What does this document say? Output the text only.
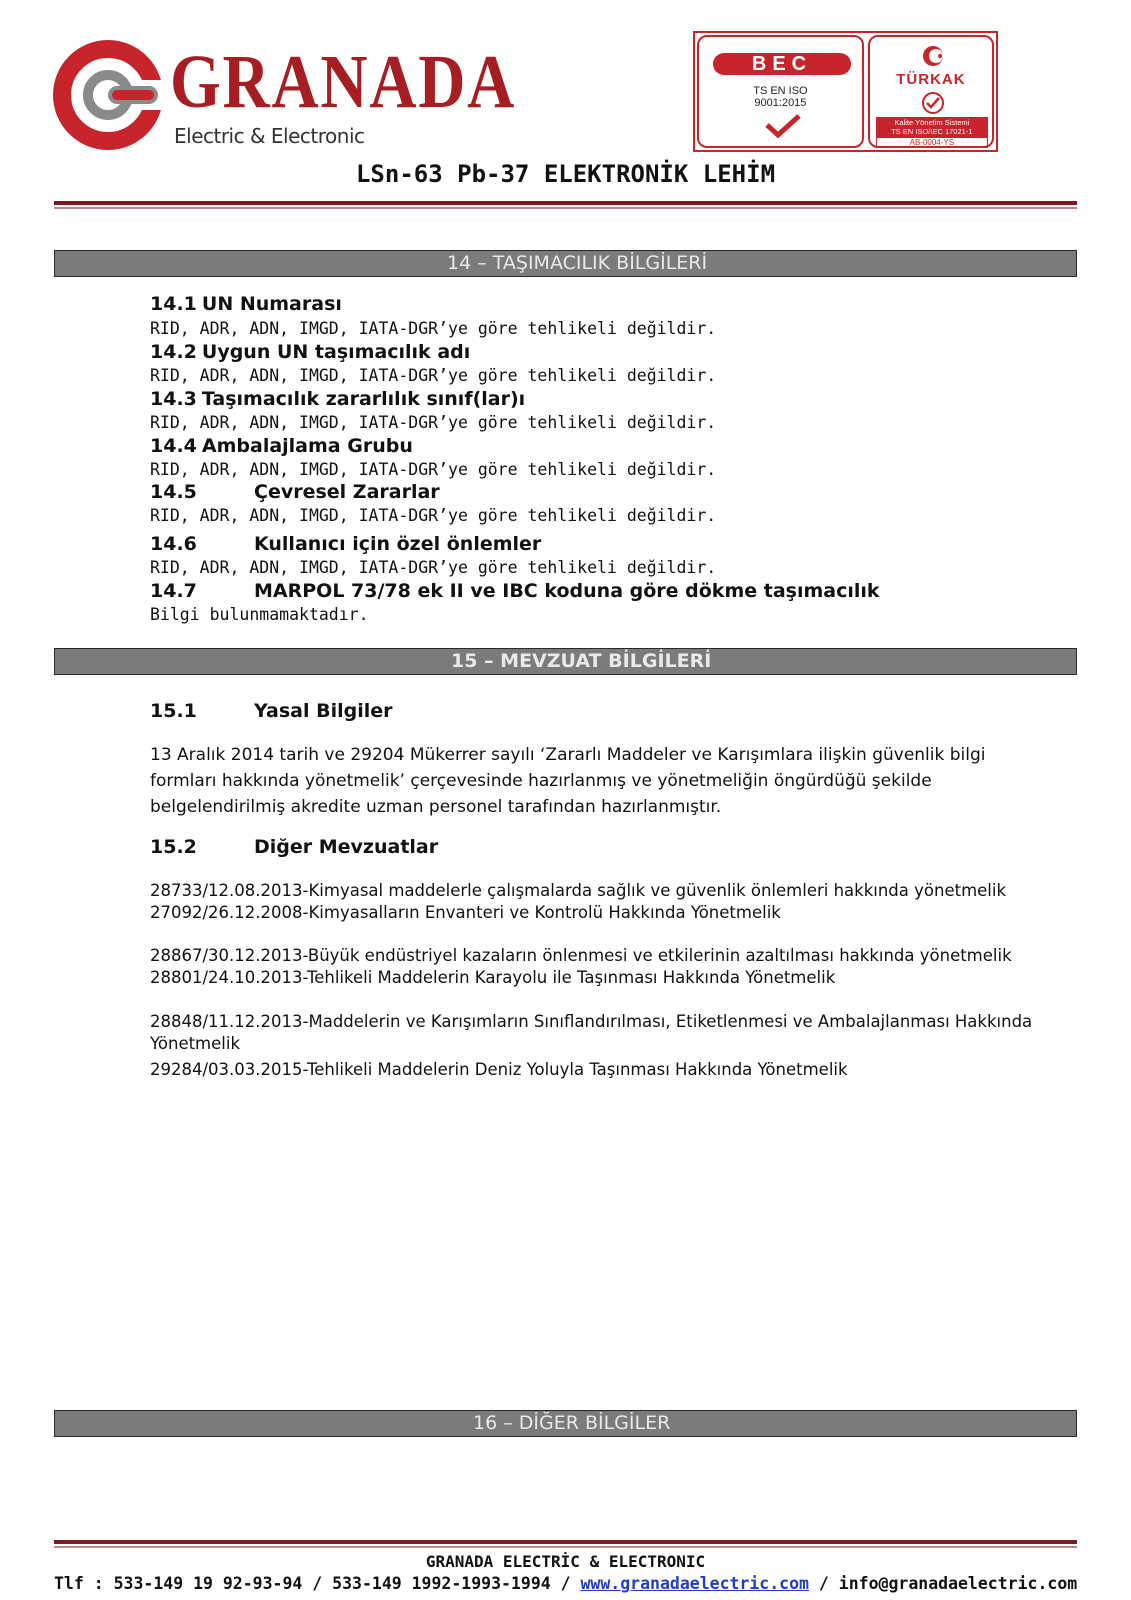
GRANADA
Electric & Electronic
BEC
TS EN ISO
9001:2015
TÜRKAK
Kalite Yönetim Sistemi
TS EN ISO/IEC 17021-1
AB-0004-YS
LSn-63 Pb-37 ELEKTRONİK LEHİM
14 – TAŞIMACILIK BİLGİLERİ
14.1 UN Numarası
RID, ADR, ADN, IMGD, IATA-DGR’ye göre tehlikeli değildir.
14.2 Uygun UN taşımacılık adı
RID, ADR, ADN, IMGD, IATA-DGR’ye göre tehlikeli değildir.
14.3 Taşımacılık zararlılık sınıf(lar)ı
RID, ADR, ADN, IMGD, IATA-DGR’ye göre tehlikeli değildir.
14.4 Ambalajlama Grubu
RID, ADR, ADN, IMGD, IATA-DGR’ye göre tehlikeli değildir.
14.5	Çevresel Zararlar
RID, ADR, ADN, IMGD, IATA-DGR’ye göre tehlikeli değildir.
14.6	Kullanıcı için özel önlemler
RID, ADR, ADN, IMGD, IATA-DGR’ye göre tehlikeli değildir.
14.7	MARPOL 73/78 ek II ve IBC koduna göre dökme taşımacılık
Bilgi bulunmamaktadır.
15 – MEVZUAT BİLGİLERİ
15.1	Yasal Bilgiler
13 Aralık 2014 tarih ve 29204 Mükerrer sayılı ‘Zararlı Maddeler ve Karışımlara ilişkin güvenlik bilgi formları hakkında yönetmelik’ çerçevesinde hazırlanmış ve yönetmeliğin öngürdüğü şekilde belgelendirilmiş akredite uzman personel tarafından hazırlanmıştır.
15.2	Diğer Mevzuatlar
28733/12.08.2013-Kimyasal maddelerle çalışmalarda sağlık ve güvenlik önlemleri hakkında yönetmelik 27092/26.12.2008-Kimyasalların Envanteri ve Kontrolü Hakkında Yönetmelik
28867/30.12.2013-Büyük endüstriyel kazaların önlenmesi ve etkilerinin azaltılması hakkında yönetmelik 28801/24.10.2013-Tehlikeli Maddelerin Karayolu ile Taşınması Hakkında Yönetmelik
28848/11.12.2013-Maddelerin ve Karışımların Sınıflandırılması, Etiketlenmesi ve Ambalajlanması Hakkında Yönetmelik
29284/03.03.2015-Tehlikeli Maddelerin Deniz Yoluyla Taşınması Hakkında Yönetmelik
16 – DİĞER BİLGİLER
GRANADA ELECTRİC & ELECTRONIC
Tlf : 533-149 19 92-93-94 / 533-149 1992-1993-1994 / www.granadaelectric.com / info@granadaelectric.com
